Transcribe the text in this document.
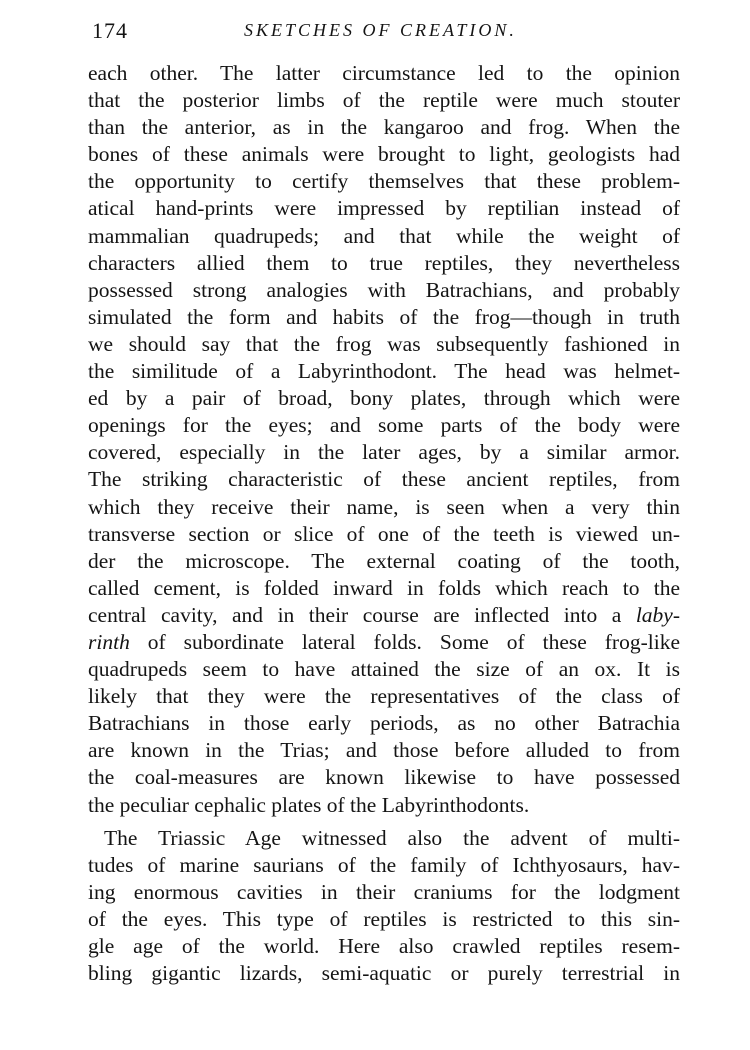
174	SKETCHES OF CREATION.
each other. The latter circumstance led to the opinion
that the posterior limbs of the reptile were much stouter
than the anterior, as in the kangaroo and frog. When the
bones of these animals were brought to light, geologists had
the opportunity to certify themselves that these problem-
atical hand-prints were impressed by reptilian instead of
mammalian quadrupeds; and that while the weight of
characters allied them to true reptiles, they nevertheless
possessed strong analogies with Batrachians, and probably
simulated the form and habits of the frog—though in truth
we should say that the frog was subsequently fashioned in
the similitude of a Labyrinthodont. The head was helmet-
ed by a pair of broad, bony plates, through which were
openings for the eyes; and some parts of the body were
covered, especially in the later ages, by a similar armor.
The striking characteristic of these ancient reptiles, from
which they receive their name, is seen when a very thin
transverse section or slice of one of the teeth is viewed un-
der the microscope. The external coating of the tooth,
called cement, is folded inward in folds which reach to the
central cavity, and in their course are inflected into a laby-
rinth of subordinate lateral folds. Some of these frog-like
quadrupeds seem to have attained the size of an ox. It is
likely that they were the representatives of the class of
Batrachians in those early periods, as no other Batrachia
are known in the Trias; and those before alluded to from
the coal-measures are known likewise to have possessed
the peculiar cephalic plates of the Labyrinthodonts.
The Triassic Age witnessed also the advent of multi-
tudes of marine saurians of the family of Ichthyosaurs, hav-
ing enormous cavities in their craniums for the lodgment
of the eyes. This type of reptiles is restricted to this sin-
gle age of the world. Here also crawled reptiles resem-
bling gigantic lizards, semi-aquatic or purely terrestrial in
